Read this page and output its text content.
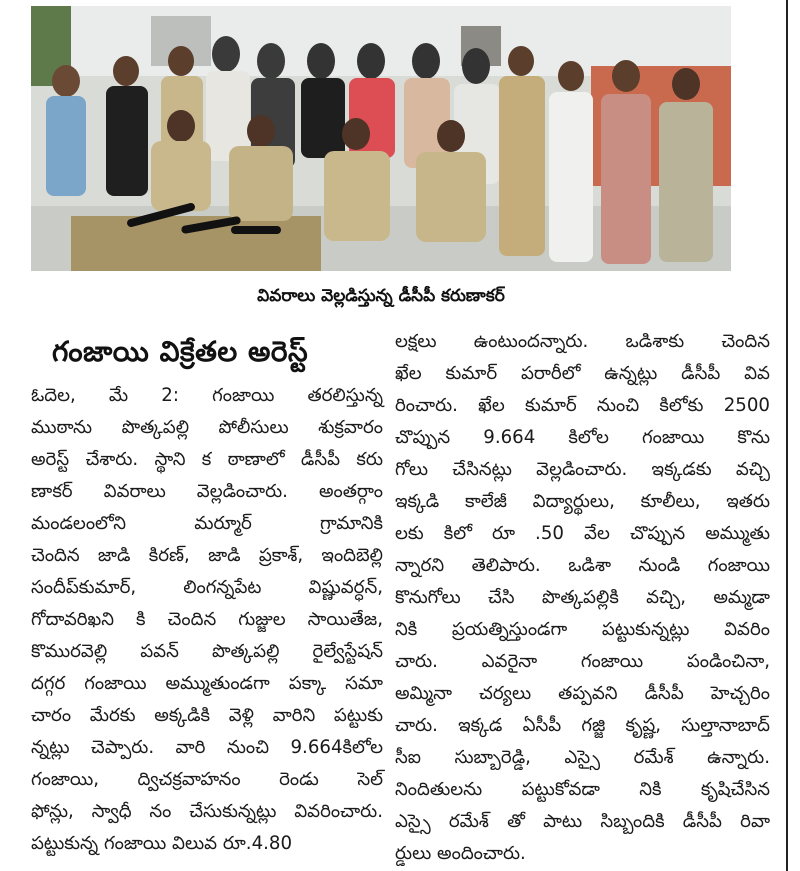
వివరాలు వెల్లడిస్తున్న డీసీపీ కరుణాకర్
గంజాయి విక్రేతల అరెస్ట్
ఓదెల, మే 2: గంజాయి తరలిస్తున్న
ముఠాను పొత్కపల్లి పోలీసులు శుక్రవారం
అరెస్ట్ చేశారు. స్థాని క ఠాణాలో డీసీపీ కరు
ణాకర్ వివరాలు వెల్లడించారు. అంతర్గాం
మండలంలోని మర్మూర్ గ్రామానికి
చెందిన జాడి కిరణ్, జాడి ప్రకాశ్, ఇందిబెల్లి
సందీప్‌కుమార్, లింగన్నపేట విష్ణువర్ధన్,
గోదావరిఖని కి చెందిన గుజ్జుల సాయితేజ,
కొమురవెల్లి పవన్ పొత్కపల్లి రైల్వేస్టేషన్
దగ్గర గంజాయి అమ్ముతుండగా పక్కా సమా
చారం మేరకు అక్కడికి వెళ్లి వారిని పట్టుకు
న్నట్లు చెప్పారు. వారి నుంచి 9.664కిలోల
గంజాయి, ద్విచక్రవాహనం రెండు సెల్
ఫోన్లు, స్వాధీ నం చేసుకున్నట్లు వివరించారు.
పట్టుకున్న గంజాయి విలువ రూ.4.80
లక్షలు ఉంటుందన్నారు. ఒడిశాకు చెందిన
ఖేల కుమార్ పరారీలో ఉన్నట్లు డీసీపీ వివ
రించారు. ఖేల కుమార్ నుంచి కిలోకు 2500
చొప్పున 9.664 కిలోల గంజాయి కొను
గోలు చేసినట్లు వెల్లడించారు. ఇక్కడకు వచ్చి
ఇక్కడి కాలేజీ విద్యార్థులు, కూలీలు, ఇతరు
లకు కిలో రూ .50 వేల చొప్పున అమ్ముతు
న్నారని తెలిపారు. ఒడిశా నుండి గంజాయి
కొనుగోలు చేసి పొత్కపల్లికి వచ్చి, అమ్మడా
నికి ప్రయత్నిస్తుండగా పట్టుకున్నట్లు వివరిం
చారు. ఎవరైనా గంజాయి పండించినా,
అమ్మినా చర్యలు తప్పవని డీసీపీ హెచ్చరిం
చారు. ఇక్కడ ఏసీపీ గజ్జి కృష్ణ, సుల్తానాబాద్
సీఐ సుబ్బారెడ్డి, ఎస్సై రమేశ్ ఉన్నారు.
నిందితులను పట్టుకోవడా నికి కృషిచేసిన
ఎస్సై రమేశ్ తో పాటు సిబ్బందికి డీసీపీ రివా
ర్డులు అందించారు.
